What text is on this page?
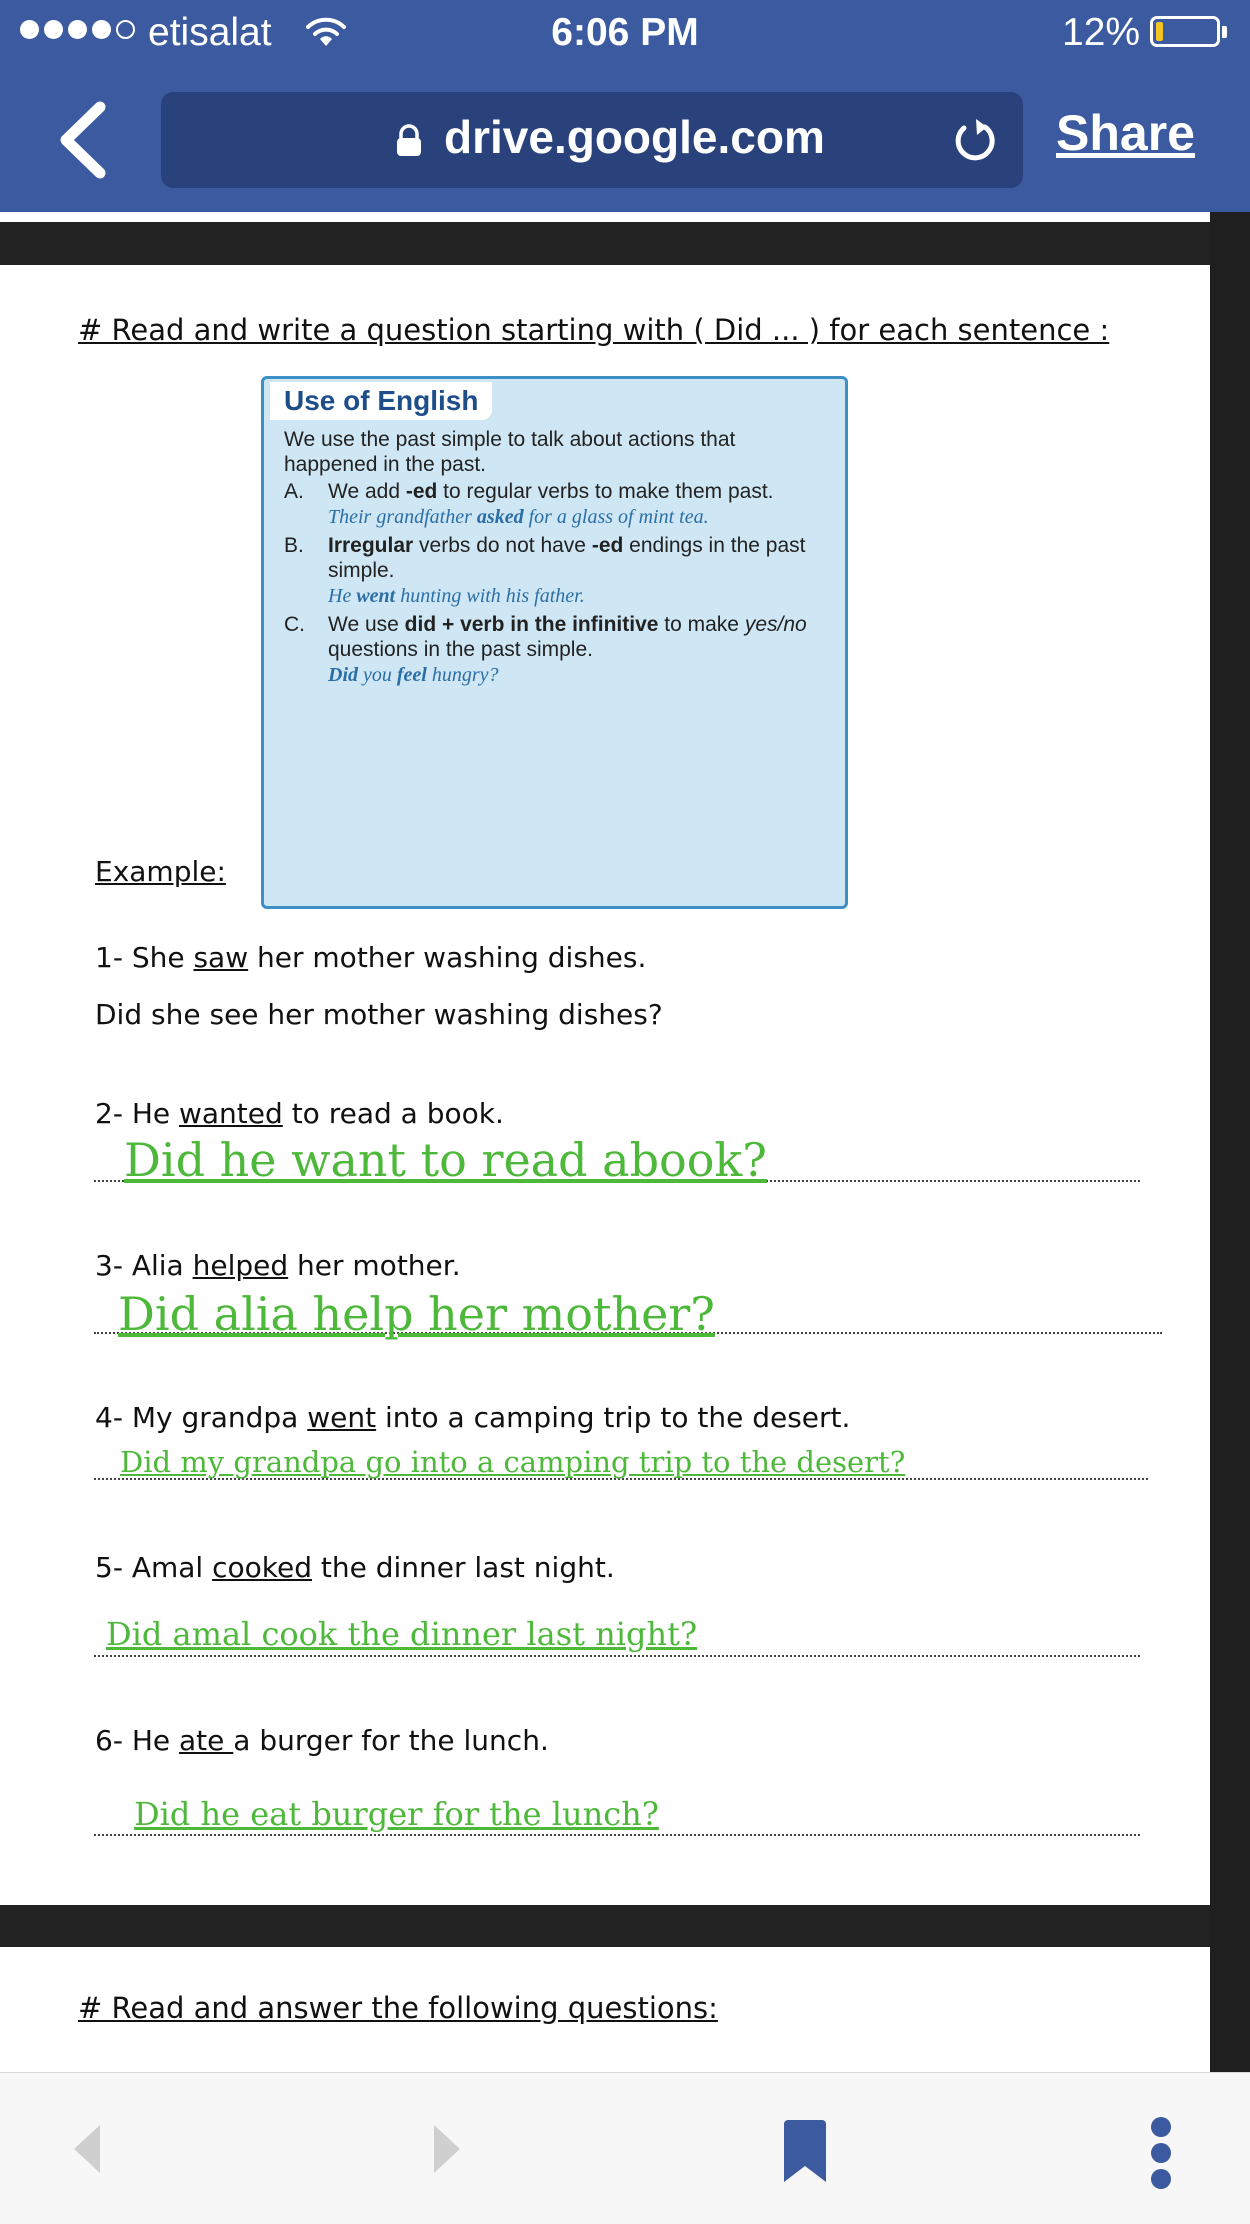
etisalat	6:06 PM	12%
drive.google.com	Share
# Read and write a question starting with ( Did ... ) for each sentence :
Use of English

We use the past simple to talk about actions that happened in the past.

A.	We add -ed to regular verbs to make them past.

Their grandfather asked for a glass of mint tea.

B.	Irregular verbs do not have -ed endings in the past simple.

He went hunting with his father.

C.	We use did + verb in the infinitive to make yes/no questions in the past simple.

Did you feel hungry?

Example:
1- She saw her mother washing dishes.
Did she see her mother washing dishes?
2- He wanted to read a book.
Did he want to read abook?
3- Alia helped her mother.
Did alia help her mother?
4- My grandpa went into a camping trip to the desert.
Did my grandpa go into a camping trip to the desert?
5- Amal cooked the dinner last night.
Did amal cook the dinner last night?
6- He ate a burger for the lunch.
Did he eat burger for the lunch?
# Read and answer the following questions:
